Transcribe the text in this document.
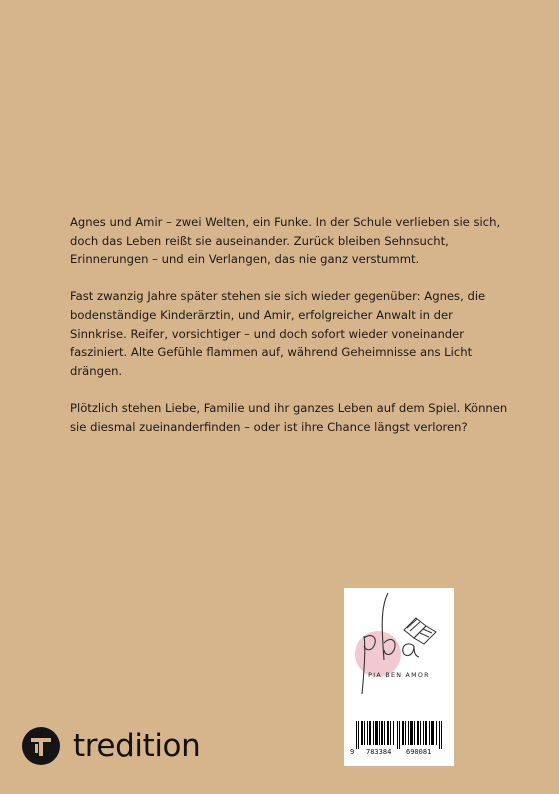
Agnes und Amir – zwei Welten, ein Funke. In der Schule verlieben sie sich, doch das Leben reißt sie auseinander. Zurück bleiben Sehnsucht, Erinnerungen – und ein Verlangen, das nie ganz verstummt.

Fast zwanzig Jahre später stehen sie sich wieder gegenüber: Agnes, die bodenständige Kinderärztin, und Amir, erfolgreicher Anwalt in der Sinnkrise. Reifer, vorsichtiger – und doch sofort wieder voneinander fasziniert. Alte Gefühle flammen auf, während Geheimnisse ans Licht drängen.

Plötzlich stehen Liebe, Familie und ihr ganzes Leben auf dem Spiel. Können sie diesmal zueinanderfinden – oder ist ihre Chance längst verloren?

PIA BEN AMOR
9 783384 690081
tredition
